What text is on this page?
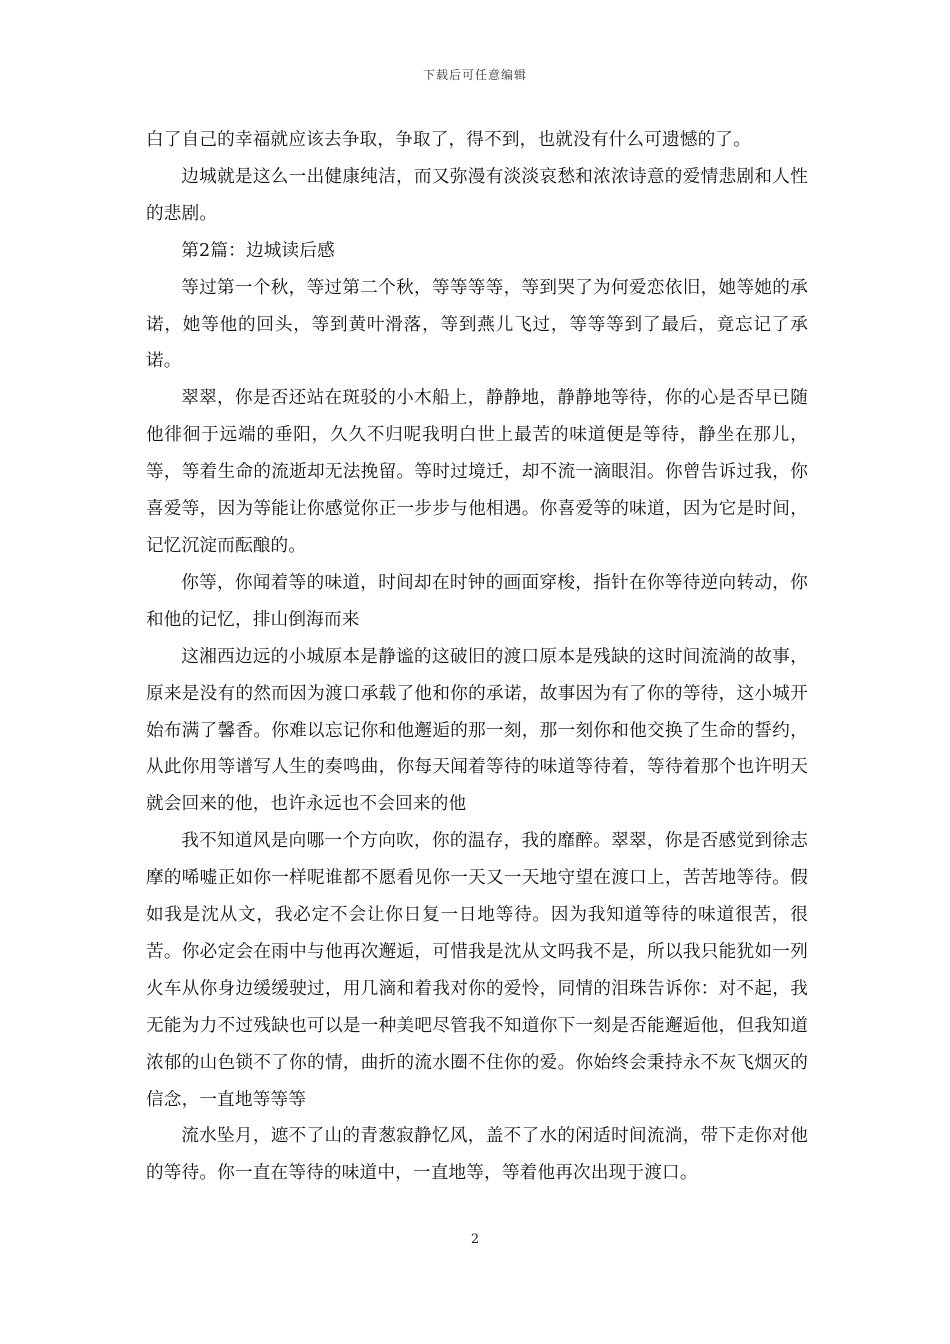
下载后可任意编辑

白了自己的幸福就应该去争取，争取了，得不到，也就没有什么可遗憾的了。

边城就是这么一出健康纯洁，而又弥漫有淡淡哀愁和浓浓诗意的爱情悲剧和人性的悲剧。

第2篇：边城读后感

等过第一个秋，等过第二个秋，等等等等，等到哭了为何爱恋依旧，她等她的承诺，她等他的回头，等到黄叶滑落，等到燕儿飞过，等等等到了最后，竟忘记了承诺。

翠翠，你是否还站在斑驳的小木船上，静静地，静静地等待，你的心是否早已随他徘徊于远端的垂阳，久久不归呢我明白世上最苦的味道便是等待，静坐在那儿，等，等着生命的流逝却无法挽留。等时过境迁，却不流一滴眼泪。你曾告诉过我，你喜爱等，因为等能让你感觉你正一步步与他相遇。你喜爱等的味道，因为它是时间，记忆沉淀而酝酿的。

你等，你闻着等的味道，时间却在时钟的画面穿梭，指针在你等待逆向转动，你和他的记忆，排山倒海而来

这湘西边远的小城原本是静谧的这破旧的渡口原本是残缺的这时间流淌的故事，原来是没有的然而因为渡口承载了他和你的承诺，故事因为有了你的等待，这小城开始布满了馨香。你难以忘记你和他邂逅的那一刻，那一刻你和他交换了生命的誓约，从此你用等谱写人生的奏鸣曲，你每天闻着等待的味道等待着，等待着那个也许明天就会回来的他，也许永远也不会回来的他

我不知道风是向哪一个方向吹，你的温存，我的靡醉。翠翠，你是否感觉到徐志摩的唏嘘正如你一样呢谁都不愿看见你一天又一天地守望在渡口上，苦苦地等待。假如我是沈从文，我必定不会让你日复一日地等待。因为我知道等待的味道很苦，很苦。你必定会在雨中与他再次邂逅，可惜我是沈从文吗我不是，所以我只能犹如一列火车从你身边缓缓驶过，用几滴和着我对你的爱怜，同情的泪珠告诉你：对不起，我无能为力不过残缺也可以是一种美吧尽管我不知道你下一刻是否能邂逅他，但我知道浓郁的山色锁不了你的情，曲折的流水圈不住你的爱。你始终会秉持永不灰飞烟灭的信念，一直地等等等

流水坠月，遮不了山的青葱寂静忆风，盖不了水的闲适时间流淌，带下走你对他的等待。你一直在等待的味道中，一直地等，等着他再次出现于渡口。

2
